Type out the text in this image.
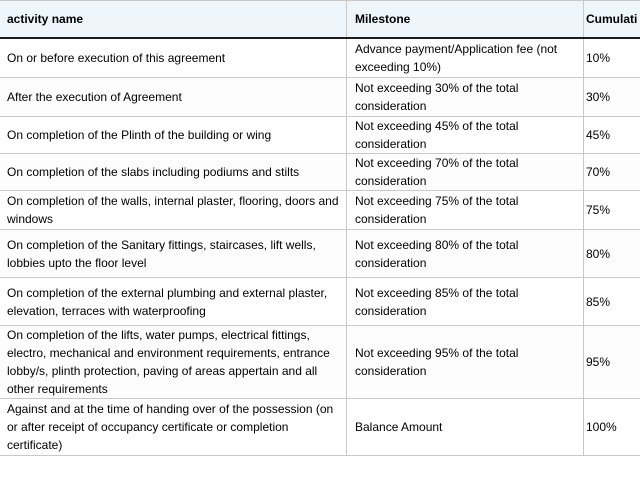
activity name	Milestone	Cumulati
On or before execution of this agreement	Advance payment/Application fee (not exceeding 10%)	10%
After the execution of Agreement	Not exceeding 30% of the total consideration	30%
On completion of the Plinth of the building or wing	Not exceeding 45% of the total consideration	45%
On completion of the slabs including podiums and stilts	Not exceeding 70% of the total consideration	70%
On completion of the walls, internal plaster, flooring, doors and windows	Not exceeding 75% of the total consideration	75%
On completion of the Sanitary fittings, staircases, lift wells, lobbies upto the floor level	Not exceeding 80% of the total consideration	80%
On completion of the external plumbing and external plaster, elevation, terraces with waterproofing	Not exceeding 85% of the total consideration	85%
On completion of the lifts, water pumps, electrical fittings, electro, mechanical and environment requirements, entrance lobby/s, plinth protection, paving of areas appertain and all other requirements	Not exceeding 95% of the total consideration	95%
Against and at the time of handing over of the possession (on or after receipt of occupancy certificate or completion certificate)	Balance Amount	100%
